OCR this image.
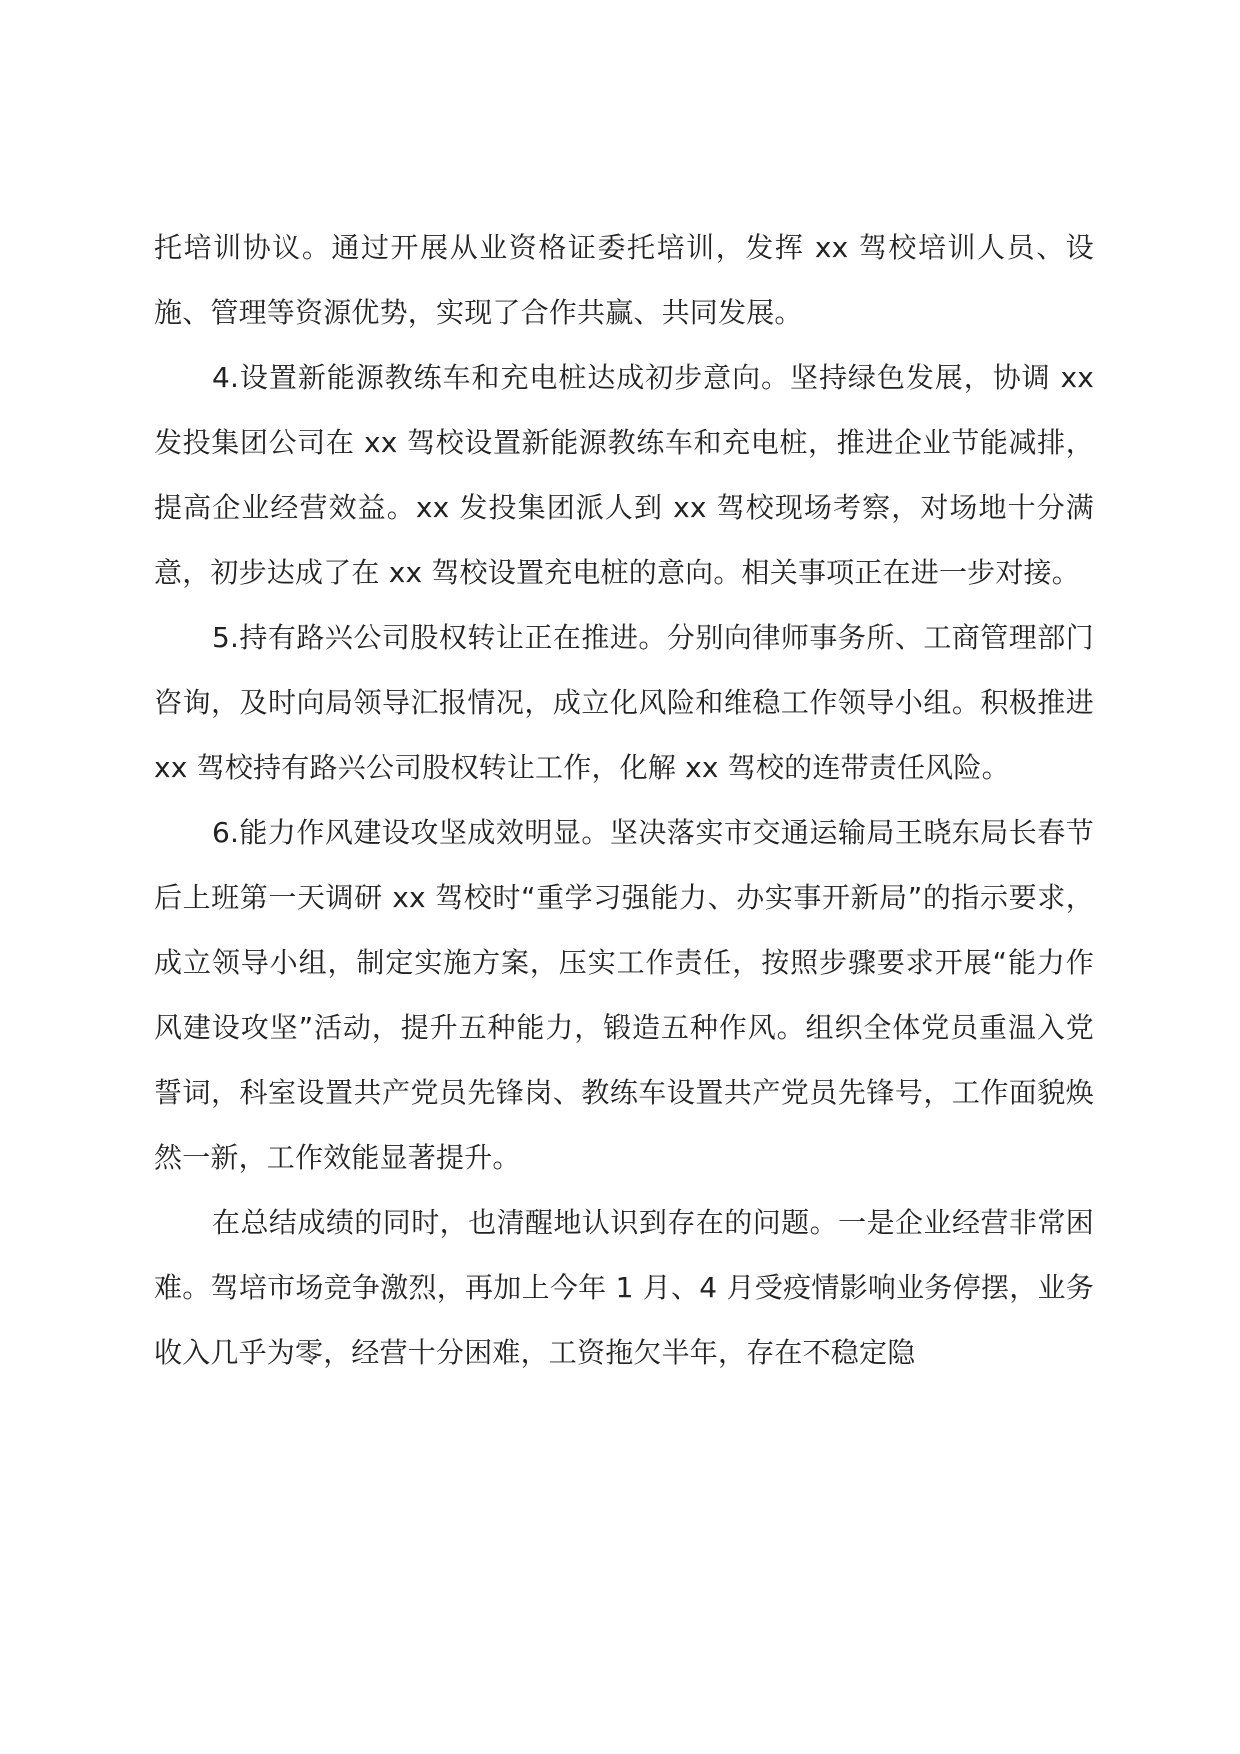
托培训协议。通过开展从业资格证委托培训，发挥 xx 驾校培训人员、设施、管理等资源优势，实现了合作共赢、共同发展。

4.设置新能源教练车和充电桩达成初步意向。坚持绿色发展，协调 xx 发投集团公司在 xx 驾校设置新能源教练车和充电桩，推进企业节能减排，提高企业经营效益。xx 发投集团派人到 xx 驾校现场考察，对场地十分满意，初步达成了在 xx 驾校设置充电桩的意向。相关事项正在进一步对接。

5.持有路兴公司股权转让正在推进。分别向律师事务所、工商管理部门咨询，及时向局领导汇报情况，成立化风险和维稳工作领导小组。积极推进 xx 驾校持有路兴公司股权转让工作，化解 xx 驾校的连带责任风险。

6.能力作风建设攻坚成效明显。坚决落实市交通运输局王晓东局长春节后上班第一天调研 xx 驾校时“重学习强能力、办实事开新局”的指示要求，成立领导小组，制定实施方案，压实工作责任，按照步骤要求开展“能力作风建设攻坚”活动，提升五种能力，锻造五种作风。组织全体党员重温入党誓词，科室设置共产党员先锋岗、教练车设置共产党员先锋号，工作面貌焕然一新，工作效能显著提升。

在总结成绩的同时，也清醒地认识到存在的问题。一是企业经营非常困难。驾培市场竞争激烈，再加上今年 1 月、4 月受疫情影响业务停摆，业务收入几乎为零，经营十分困难，工资拖欠半年，存在不稳定隐
